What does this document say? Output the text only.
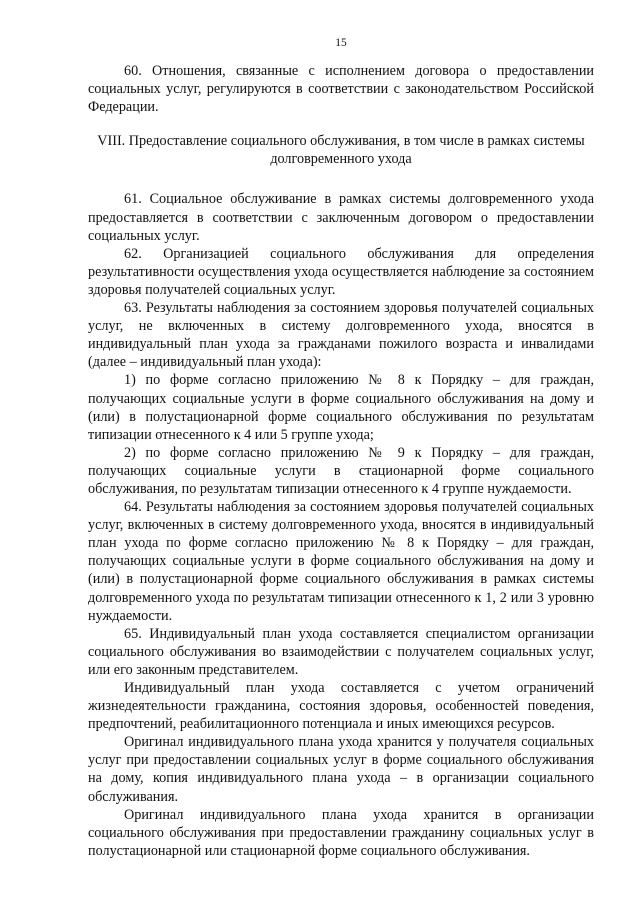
15

60. Отношения, связанные с исполнением договора о предоставлении социальных услуг, регулируются в соответствии с законодательством Российской Федерации.

VIII. Предоставление социального обслуживания, в том числе в рамках системы долговременного ухода

61. Социальное обслуживание в рамках системы долговременного ухода предоставляется в соответствии с заключенным договором о предоставлении социальных услуг.

62. Организацией социального обслуживания для определения результативности осуществления ухода осуществляется наблюдение за состоянием здоровья получателей социальных услуг.

63. Результаты наблюдения за состоянием здоровья получателей социальных услуг, не включенных в систему долговременного ухода, вносятся в индивидуальный план ухода за гражданами пожилого возраста и инвалидами (далее – индивидуальный план ухода):

1) по форме согласно приложению № 8 к Порядку – для граждан, получающих социальные услуги в форме социального обслуживания на дому и (или) в полустационарной форме социального обслуживания по результатам типизации отнесенного к 4 или 5 группе ухода;

2) по форме согласно приложению № 9 к Порядку – для граждан, получающих социальные услуги в стационарной форме социального обслуживания, по результатам типизации отнесенного к 4 группе нуждаемости.

64. Результаты наблюдения за состоянием здоровья получателей социальных услуг, включенных в систему долговременного ухода, вносятся в индивидуальный план ухода по форме согласно приложению № 8 к Порядку – для граждан, получающих социальные услуги в форме социального обслуживания на дому и (или) в полустационарной форме социального обслуживания в рамках системы долговременного ухода по результатам типизации отнесенного к 1, 2 или 3 уровню нуждаемости.

65. Индивидуальный план ухода составляется специалистом организации социального обслуживания во взаимодействии с получателем социальных услуг, или его законным представителем.

Индивидуальный план ухода составляется с учетом ограничений жизнедеятельности гражданина, состояния здоровья, особенностей поведения, предпочтений, реабилитационного потенциала и иных имеющихся ресурсов.

Оригинал индивидуального плана ухода хранится у получателя социальных услуг при предоставлении социальных услуг в форме социального обслуживания на дому, копия индивидуального плана ухода – в организации социального обслуживания.

Оригинал индивидуального плана ухода хранится в организации социального обслуживания при предоставлении гражданину социальных услуг в полустационарной или стационарной форме социального обслуживания.
